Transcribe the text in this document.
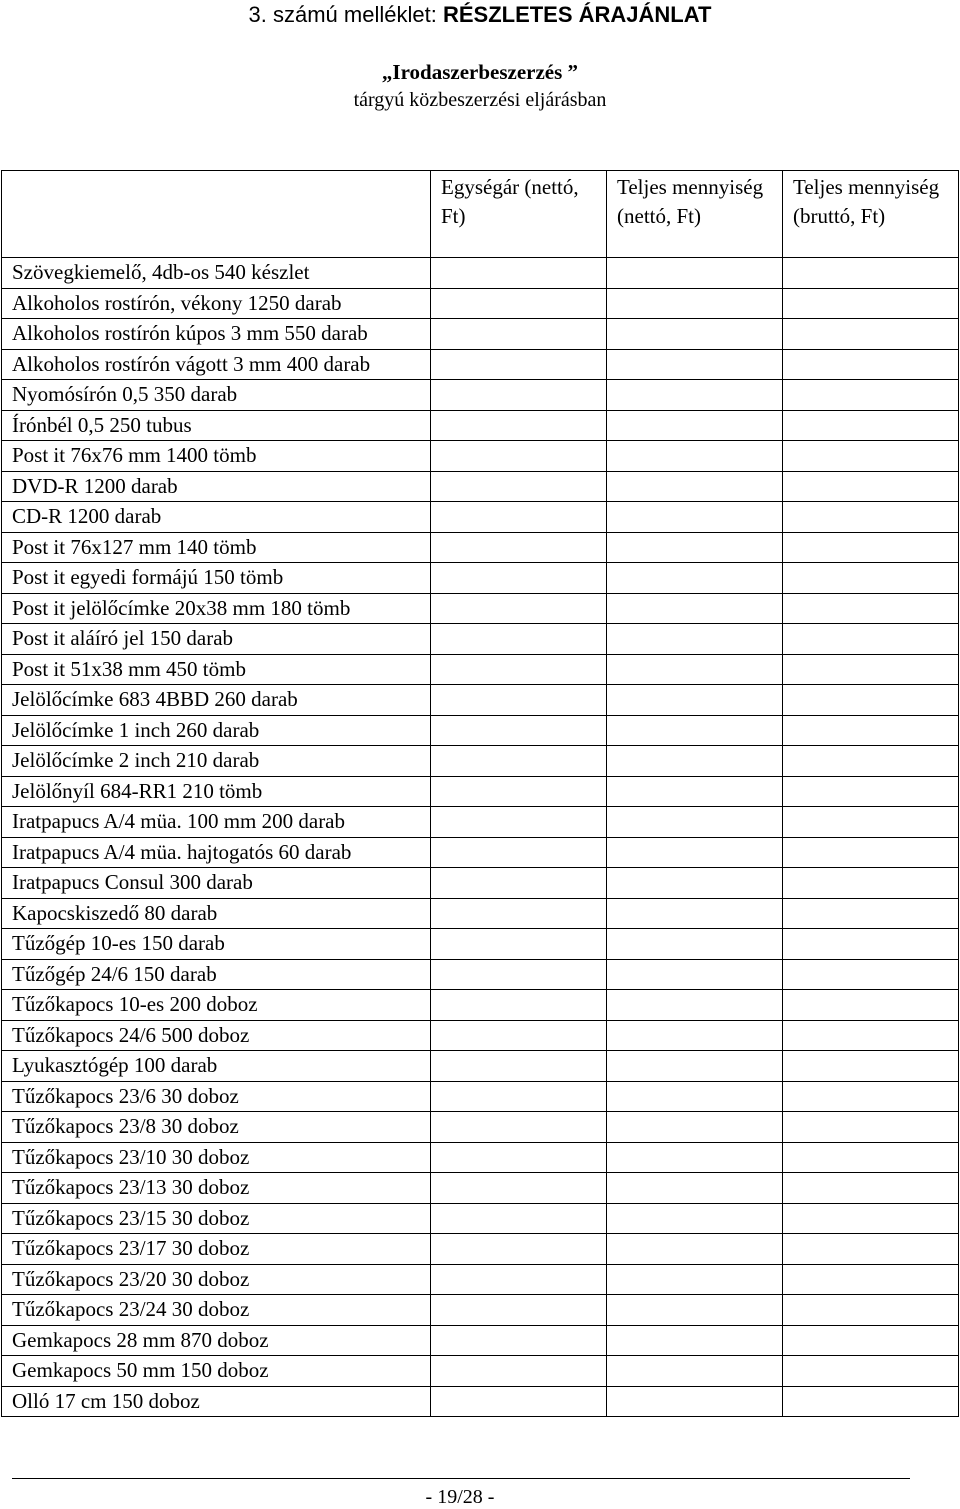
3. számú melléklet: RÉSZLETES ÁRAJÁNLAT
„Irodaszerbeszerzés ”
tárgyú közbeszerzési eljárásban
	Egységár (nettó, Ft)	Teljes mennyiség (nettó, Ft)	Teljes mennyiség (bruttó, Ft)
Szövegkiemelő, 4db-os 540 készlet			
Alkoholos rostírón, vékony 1250 darab			
Alkoholos rostírón kúpos 3 mm 550 darab			
Alkoholos rostírón vágott 3 mm 400 darab			
Nyomósírón 0,5 350 darab			
Írónbél 0,5 250 tubus			
Post it 76x76 mm 1400 tömb			
DVD-R 1200 darab			
CD-R 1200 darab			
Post it 76x127 mm 140 tömb			
Post it egyedi formájú 150 tömb			
Post it jelölőcímke 20x38 mm 180 tömb			
Post it aláíró jel 150 darab			
Post it 51x38 mm 450 tömb			
Jelölőcímke 683 4BBD 260 darab			
Jelölőcímke 1 inch 260 darab			
Jelölőcímke 2 inch 210 darab			
Jelölőnyíl 684-RR1 210 tömb			
Iratpapucs A/4 müa. 100 mm 200 darab			
Iratpapucs A/4 müa. hajtogatós 60 darab			
Iratpapucs Consul 300 darab			
Kapocskiszedő 80 darab			
Tűzőgép 10-es 150 darab			
Tűzőgép 24/6 150 darab			
Tűzőkapocs 10-es 200 doboz			
Tűzőkapocs 24/6 500 doboz			
Lyukasztógép 100 darab			
Tűzőkapocs 23/6 30 doboz			
Tűzőkapocs 23/8 30 doboz			
Tűzőkapocs 23/10 30 doboz			
Tűzőkapocs 23/13 30 doboz			
Tűzőkapocs 23/15 30 doboz			
Tűzőkapocs 23/17 30 doboz			
Tűzőkapocs 23/20 30 doboz			
Tűzőkapocs 23/24 30 doboz			
Gemkapocs 28 mm 870 doboz			
Gemkapocs 50 mm 150 doboz			
Olló 17 cm 150 doboz			
- 19/28 -
